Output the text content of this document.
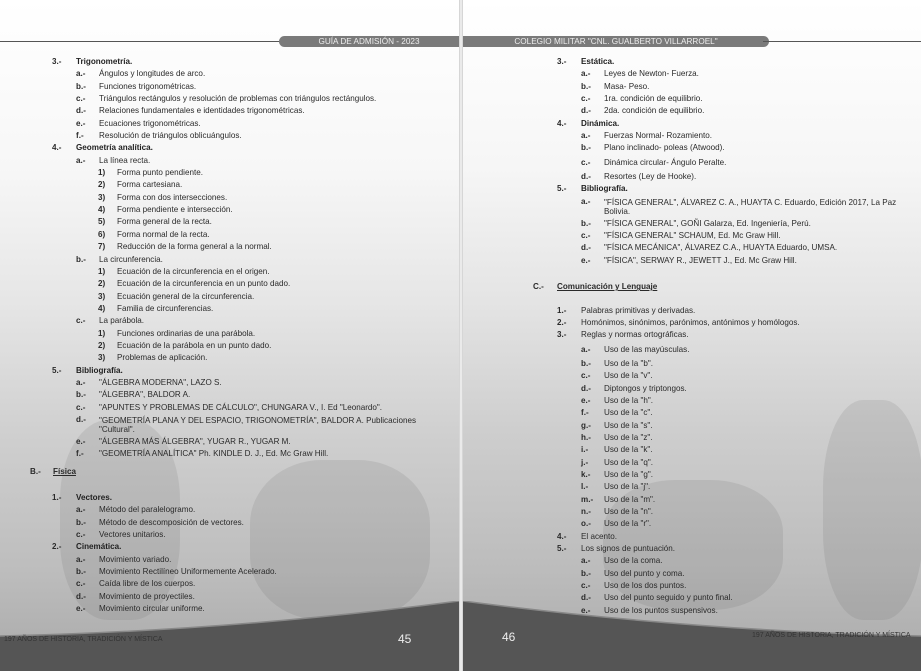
GUÍA DE ADMISIÓN - 2023
3.- Trigonometría.
a.- Ángulos y longitudes de arco.
b.- Funciones trigonométricas.
c.- Triángulos rectángulos y resolución de problemas con triángulos rectángulos.
d.- Relaciones fundamentales e identidades trigonométricas.
e.- Ecuaciones trigonométricas.
f.- Resolución de triángulos oblicuángulos.
4.- Geometría analítica.
a.- La línea recta.
1) Forma punto pendiente.
2) Forma cartesiana.
3) Forma con dos intersecciones.
4) Forma pendiente e intersección.
5) Forma general de la recta.
6) Forma normal de la recta.
7) Reducción de la forma general a la normal.
b.- La circunferencia.
1) Ecuación de la circunferencia en el origen.
2) Ecuación de la circunferencia en un punto dado.
3) Ecuación general de la circunferencia.
4) Familia de circunferencias.
c.- La parábola.
1) Funciones ordinarias de una parábola.
2) Ecuación de la parábola en un punto dado.
3) Problemas de aplicación.
5.- Bibliografía.
a.- "ÁLGEBRA MODERNA", LAZO S.
b.- "ÁLGEBRA", BALDOR A.
c.- "APUNTES Y PROBLEMAS DE CÁLCULO", CHUNGARA V., I. Ed "Leonardo".
d.- "GEOMETRÍA PLANA Y DEL ESPACIO, TRIGONOMETRÍA", BALDOR A. Publicaciones "Cultural".
e.- "ÁLGEBRA MÁS ÁLGEBRA", YUGAR R., YUGAR M.
f.- "GEOMETRÍA ANALÍTICA" Ph. KINDLE D. J., Ed. Mc Graw Hill.
B.- Física
1.- Vectores.
a.- Método del paralelogramo.
b.- Método de descomposición de vectores.
c.- Vectores unitarios.
2.- Cinemática.
a.- Movimiento variado.
b.- Movimiento Rectilíneo Uniformemente Acelerado.
c.- Caída libre de los cuerpos.
d.- Movimiento de proyectiles.
e.- Movimiento circular uniforme.
197 AÑOS DE HISTORIA, TRADICIÓN Y MÍSTICA	45
COLEGIO MILITAR "CNL. GUALBERTO VILLARROEL"
3.- Estática.
a.- Leyes de Newton- Fuerza.
b.- Masa- Peso.
c.- 1ra. condición de equilibrio.
d.- 2da. condición de equilibrio.
4.- Dinámica.
a.- Fuerzas Normal- Rozamiento.
b.- Plano inclinado- poleas (Atwood).
c.- Dinámica circular- Ángulo Peralte.
d.- Resortes (Ley de Hooke).
5.- Bibliografía.
a.- "FÍSICA GENERAL", ÁLVAREZ C. A., HUAYTA C. Eduardo, Edición 2017, La Paz Bolivia.
b.- "FÍSICA GENERAL", GOÑI Galarza, Ed. Ingeniería, Perú.
c.- "FÍSICA GENERAL" SCHAUM, Ed. Mc Graw Hill.
d.- "FÍSICA MECÁNICA", ÁLVAREZ C.A., HUAYTA Eduardo, UMSA.
e.- "FÍSICA", SERWAY R., JEWETT J., Ed. Mc Graw Hill.
C.- Comunicación y Lenguaje
1.- Palabras primitivas y derivadas.
2.- Homónimos, sinónimos, parónimos, antónimos y homólogos.
3.- Reglas y normas ortográficas.
a.- Uso de las mayúsculas.
b.- Uso de la "b".
c.- Uso de la "v".
d.- Diptongos y triptongos.
e.- Uso de la "h".
f.- Uso de la "c".
g.- Uso de la "s".
h.- Uso de la "z".
i.- Uso de la "k".
j.- Uso de la "q".
k.- Uso de la "g".
l.- Uso de la "j".
m.- Uso de la "m".
n.- Uso de la "n".
o.- Uso de la "r".
4.- El acento.
5.- Los signos de puntuación.
a.- Uso de la coma.
b.- Uso del punto y coma.
c.- Uso de los dos puntos.
d.- Uso del punto seguido y punto final.
e.- Uso de los puntos suspensivos.
46	197 AÑOS DE HISTORIA, TRADICIÓN Y MÍSTICA
